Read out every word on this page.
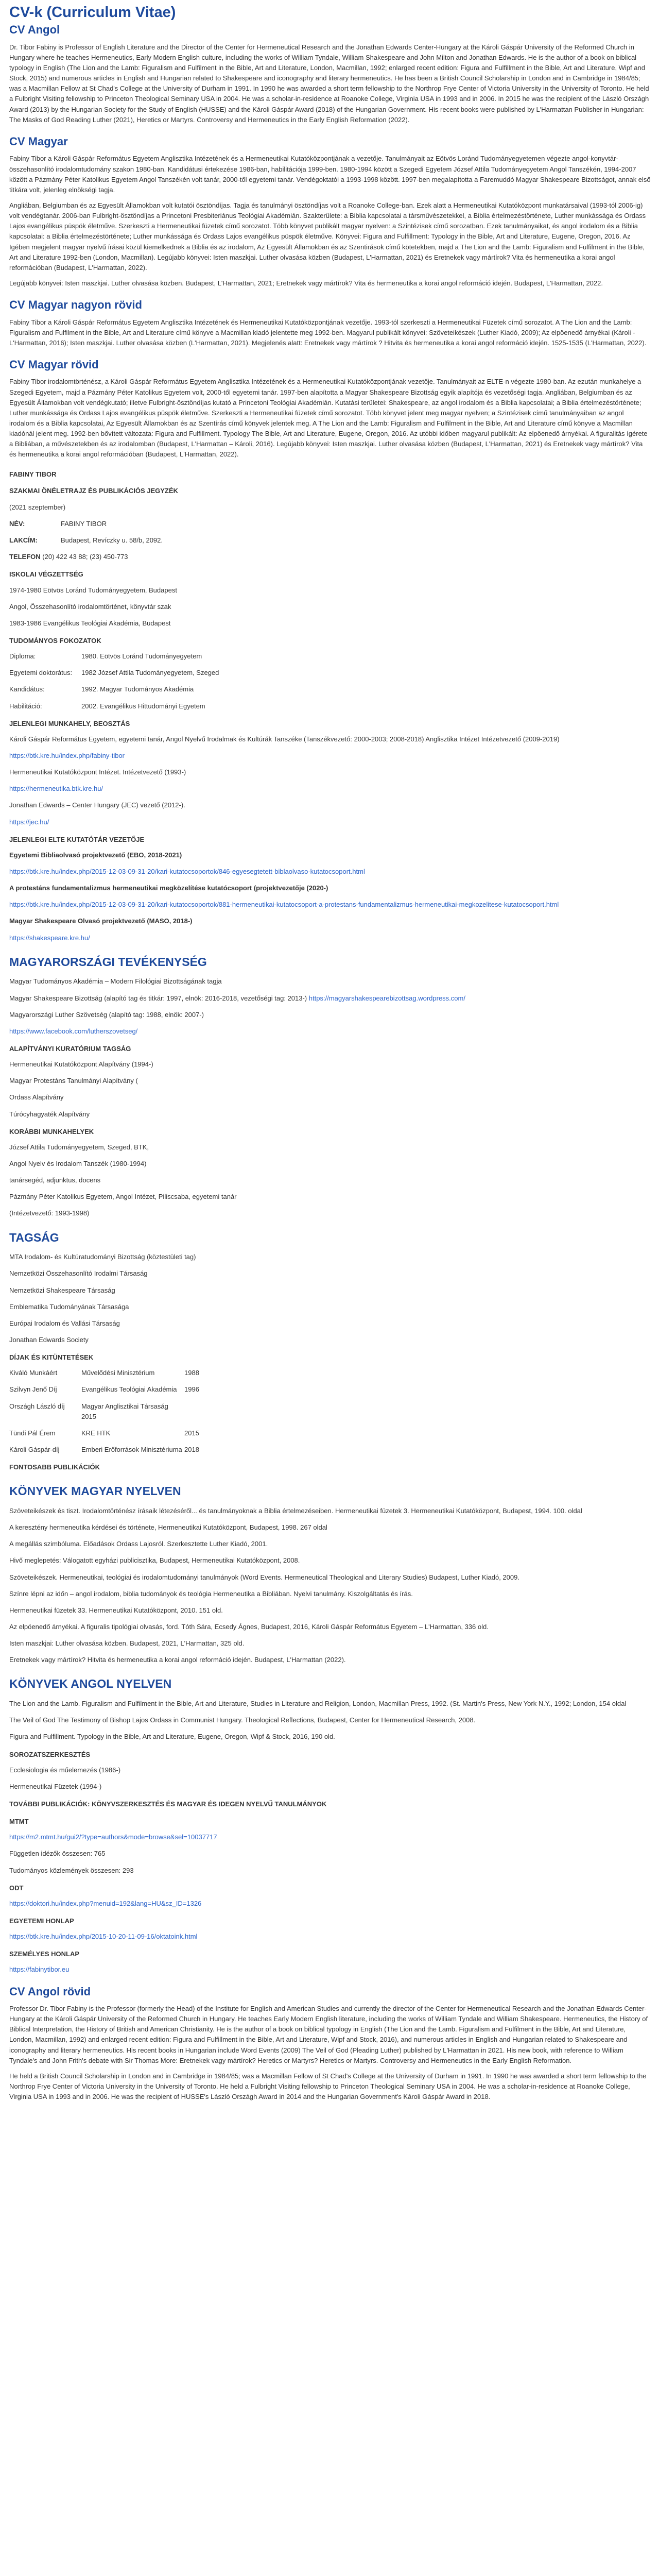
CV-k (Curriculum Vitae)
CV Angol

Dr. Tibor Fabiny is Professor of English Literature and the Director of the Center for Hermeneutical Research and the Jonathan Edwards Center-Hungary at the Károli Gáspár University of the Reformed Church in Hungary where he teaches Hermeneutics, Early Modern English culture, including the works of William Tyndale, William Shakespeare and John Milton and Jonathan Edwards. He is the author of a book on biblical typology in English (The Lion and the Lamb: Figuralism and Fulfilment in the Bible, Art and Literature, London, Macmillan, 1992; enlarged recent edition: Figura and Fulfillment in the Bible, Art and Literature, Wipf and Stock, 2015) and numerous articles in English and Hungarian related to Shakespeare and iconography and literary hermeneutics. He has been a British Council Scholarship in London and in Cambridge in 1984/85; was a Macmillan Fellow at St Chad's College at the University of Durham in 1991. In 1990 he was awarded a short term fellowship to the Northrop Frye Center of Victoria University in the University of Toronto. He held a Fulbright Visiting fellowship to Princeton Theological Seminary USA in 2004. He was a scholar-in-residence at Roanoke College, Virginia USA in 1993 and in 2006. In 2015 he was the recipient of the László Országh Award (2013) by the Hungarian Society for the Study of English (HUSSE) and the Károli Gáspár Award (2018) of the Hungarian Government. His recent books were published by L'Harmattan Publisher in Hungarian: The Masks of God Reading Luther (2021), Heretics or Martyrs. Controversy and Hermeneutics in the Early English Reformation (2022).

CV Magyar

Fabiny Tibor a Károli Gáspár Református Egyetem Anglisztika Intézetének és a Hermeneutikai Kutatóközpontjának a vezetője. Tanulmányait az Eötvös Loránd Tudományegyetemen végezte angol-konyvtár-összehasonlító irodalomtudomány szakon 1980-ban. Kandidátusi értekezése 1986-ban, habilitációja 1999-ben. 1980-1994 között a Szegedi Egyetem József Attila Tudományegyetem Angol Tanszékén, 1994-2007 között a Pázmány Péter Katolikus Egyetem Angol Tanszékén volt tanár, 2000-től egyetemi tanár. Vendégoktatói a 1993-1998 között. 1997-ben megalapította a Faremuddó Magyar Shakespeare Bizottságot, annak első titkára volt, jelenleg elnökségi tagja.

Angliában, Belgiumban és az Egyesült Államokban volt kutatói ösztöndíjas. Tagja és tanulmányi ösztöndíjas volt a Roanoke College-ban. Ezek alatt a Hermeneutikai Kutatóközpont munkatársaival (1993-tól 2006-ig) volt vendégtanár. 2006-ban Fulbright-ösztöndíjas a Princetoni Presbiteriánus Teológiai Akadémián. Szakterülete: a Biblia kapcsolatai a társművészetekkel, a Biblia értelmezéstörténete, Luther munkássága és Ordass Lajos evangélikus püspök életműve. Szerkeszti a Hermeneutikai füzetek című sorozatot. Több könyvet publikált magyar nyelven: a Szintézisek című sorozatban. Ezek tanulmányaikat, és angol irodalom és a Biblia kapcsolatai: a Biblia értelmezéstörténete; Luther munkássága és Ordass Lajos evangélikus püspök életműve. Könyvei: Figura and Fulfillment: Typology in the Bible, Art and Literature, Eugene, Oregon, 2016. Az Igében megjelent magyar nyelvű írásai közül kiemelkednek a Biblia és az irodalom, Az Egyesült Államokban és az Szentirások című kötetekben, majd a The Lion and the Lamb: Figuralism and Fulfilment in the Bible, Art and Literature 1992-ben (London, Macmillan). Legújabb könyvei: Isten maszkjai. Luther olvasása közben (Budapest, L'Harmattan, 2021) és Eretnekek vagy mártírok? Vita és hermeneutika a korai angol reformációban (Budapest, L'Harmattan, 2022).

Legújabb könyvei: Isten maszkjai. Luther olvasása közben. Budapest, L'Harmattan, 2021; Eretnekek vagy mártírok? Vita és hermeneutika a korai angol reformáció idején. Budapest, L'Harmattan, 2022.

CV Magyar nagyon rövid

Fabiny Tibor a Károli Gáspár Református Egyetem Anglisztika Intézetének és Hermeneutikai Kutatóközpontjának vezetője. 1993-tól szerkeszti a Hermeneutikai Füzetek című sorozatot. A The Lion and the Lamb: Figuralism and Fulfilment in the Bible, Art and Literature című könyve a Macmillan kiadó jelentette meg 1992-ben. Magyarul publikált könyvei: Szöveteikészek (Luther Kiadó, 2009); Az elpöenedő árnyékai (Károli - L'Harmattan, 2016); Isten maszkjai. Luther olvasása közben (L'Harmattan, 2021). Megjelenés alatt: Eretnekek vagy mártírok ? Hitvita és hermeneutika a korai angol reformáció idején. 1525-1535 (L'Harmattan, 2022).

CV Magyar rövid

Fabiny Tibor irodalomtörténész, a Károli Gáspár Református Egyetem Anglisztika Intézetének és a Hermeneutikai Kutatóközpontjának vezetője. Tanulmányait az ELTE-n végezte 1980-ban. Az ezután munkahelye a Szegedi Egyetem, majd a Pázmány Péter Katolikus Egyetem volt, 2000-től egyetemi tanár. 1997-ben alapította a Magyar Shakespeare Bizottság egyik alapítója és vezetőségi tagja. Angliában, Belgiumban és az Egyesült Államokban volt vendégkutató; illetve Fulbright-ösztöndíjas kutató a Princetoni Teológiai Akadémián. Kutatási területei: Shakespeare, az angol irodalom és a Biblia kapcsolatai; a Biblia értelmezéstörténete; Luther munkássága és Ordass Lajos evangélikus püspök életműve. Szerkeszti a Hermeneutikai füzetek című sorozatot. Több könyvet jelent meg magyar nyelven; a Szintézisek című tanulmányaiban az angol irodalom és a Biblia kapcsolatai, Az Egyesült Államokban és az Szentírás című könyvek jelentek meg. A The Lion and the Lamb: Figuralism and Fulfilment in the Bible, Art and Literature című könyve a Macmillan kiadónál jelent meg. 1992-ben bővített változata: Figura and Fulfillment. Typology The Bible, Art and Literature, Eugene, Oregon, 2016. Az utóbbi időben magyarul publikált: Az elpöenedő árnyékai. A figuralitás ígérete a Bibliában, a művészetekben és az irodalomban (Budapest, L'Harmattan – Károli, 2016). Legújabb könyvei: Isten maszkjai. Luther olvasása közben (Budapest, L'Harmattan, 2021) és Eretnekek vagy mártírok? Vita és hermeneutika a korai angol reformációban (Budapest, L'Harmattan, 2022).

FABINY TIBOR
SZAKMAI ÖNÉLETRAJZ ÉS PUBLIKÁCIÓS JEGYZÉK
(2021 szeptember)
NÉV:	FABINY TIBOR
LAKCÍM:	Budapest, Revíczky u. 58/b, 2092.
TELEFON (20) 422 43 88; (23) 450-773
ISKOLAI VÉGZETTSÉG
1974-1980 Eötvös Loránd Tudományegyetem, Budapest
Angol, Összehasonlító irodalomtörténet, könyvtár szak
1983-1986 Evangélikus Teológiai Akadémia, Budapest
TUDOMÁNYOS FOKOZATOK
Diploma:	1980. Eötvös Loránd Tudományegyetem
Egyetemi doktorátus:	1982 József Attila Tudományegyetem, Szeged
Kandidátus:	1992. Magyar Tudományos Akadémia
Habilitáció:	2002. Evangélikus Hittudományi Egyetem
JELENLEGI MUNKAHELY, BEOSZTÁS
Károli Gáspár Református Egyetem, egyetemi tanár, Angol Nyelvű Irodalmak és Kultúrák Tanszéke (Tanszékvezető: 2000-2003; 2008-2018) Anglisztika Intézet Intézetvezető (2009-2019)
https://btk.kre.hu/index.php/fabiny-tibor
Hermeneutikai Kutatóközpont Intézet. Intézetvezető (1993-)
https://hermeneutika.btk.kre.hu/
Jonathan Edwards – Center Hungary (JEC) vezető (2012-).
https://jec.hu/
JELENLEGI ELTE KUTATÓTÁR VEZETŐJE
Egyetemi Bibliaolvasó projektvezető (EBO, 2018-2021)
https://btk.kre.hu/index.php/2015-12-03-09-31-20/kari-kutatocsoportok/846-egyesegtetett-biblaolvaso-kutatocsoport.html
A protestáns fundamentalizmus hermeneutikai megközelítése kutatócsoport (projektvezetője (2020-)
https://btk.kre.hu/index.php/2015-12-03-09-31-20/kari-kutatocsoportok/881-hermeneutikai-kutatocsoport-a-protestans-fundamentalizmus-hermeneutikai-megkozelitese-kutatocsoport.html
Magyar Shakespeare Olvasó projektvezető (MASO, 2018-)
https://shakespeare.kre.hu/
MAGYARORSZÁGI TEVÉKENYSÉG
Magyar Tudományos Akadémia – Modern Filológiai Bizottságának tagja
Magyar Shakespeare Bizottság (alapító tag és titkár: 1997, elnök: 2016-2018, vezetőségi tag: 2013-) https://magyarshakespearebizottsag.wordpress.com/
Magyarországi Luther Szövetség (alapító tag: 1988, elnök: 2007-)
https://www.facebook.com/lutherszovetseg/
ALAPÍTVÁNYI KURATÓRIUM TAGSÁG
Hermeneutikai Kutatóközpont Alapítvány (1994-)
Magyar Protestáns Tanulmányi Alapítvány (
Ordass Alapítvány
Túrócyhagyaték Alapítvány
KORÁBBI MUNKAHELYEK
József Attila Tudományegyetem, Szeged, BTK,
Angol Nyelv és Irodalom Tanszék (1980-1994)
tanársegéd, adjunktus, docens
Pázmány Péter Katolikus Egyetem, Angol Intézet, Piliscsaba, egyetemi tanár
(Intézetvezető: 1993-1998)
TAGSÁG
MTA Irodalom- és Kultúratudományi Bizottság (köztestületi tag)
Nemzetközi Összehasonlító Irodalmi Társaság
Nemzetközi Shakespeare Társaság
Emblematika Tudományának Társasága
Európai Irodalom és Vallási Társaság
Jonathan Edwards Society
DÍJAK ÉS KITÜNTETÉSEK
Kiváló Munkáért	Művelődési Minisztérium	1988
Szilvyn Jenő Díj	Evangélikus Teológiai Akadémia	1996
Országh László díj	Magyar Anglisztikai Társaság 2015
Tündi Pál Érem	KRE HTK	2015
Károli Gáspár-díj	Emberi Erőforrások Minisztériuma 2018
FONTOSABB PUBLIKÁCIÓK
KÖNYVEK MAGYAR NYELVEN
Szöveteikészek és tiszt. Irodalomtörténész írásaik létezéséről... és tanulmányoknak a Biblia értelmezéseiben. Hermeneutikai füzetek 3. Hermeneutikai Kutatóközpont, Budapest, 1994. 100. oldal
A keresztény hermeneutika kérdései és története, Hermeneutikai Kutatóközpont, Budapest, 1998. 267 oldal
A megállás szimbóluma. Előadások Ordass Lajosról. Szerkesztette Luther Kiadó, 2001.
Hivő meglepetés: Válogatott egyházi publicisztika, Budapest, Hermeneutikai Kutatóközpont, 2008.
Szöveteikészek. Hermeneutikai, teológiai és irodalomtudományi tanulmányok (Word Events. Hermeneutical Theological and Literary Studies) Budapest, Luther Kiadó, 2009.
Színre lépni az időn – angol irodalom, biblia tudományok és teológia Hermeneutika a Bibliában. Nyelvi tanulmány. Kiszolgáltatás és írás.
Hermeneutikai füzetek 33. Hermeneutikai Kutatóközpont, 2010. 151 old.
Az elpöenedő árnyékai. A figuralis tipológiai olvasás, ford. Tóth Sára, Ecsedy Ágnes, Budapest, 2016, Károli Gáspár Református Egyetem – L'Harmattan, 336 old.
Isten maszkjai: Luther olvasása közben. Budapest, 2021, L'Harmattan, 325 old.
Eretnekek vagy mártírok? Hitvita és hermeneutika a korai angol reformáció idején. Budapest, L'Harmattan (2022).
KÖNYVEK ANGOL NYELVEN
The Lion and the Lamb. Figuralism and Fulfilment in the Bible, Art and Literature, Studies in Literature and Religion, London, Macmillan Press, 1992. (St. Martin's Press, New York N.Y., 1992; London, 154 oldal
The Veil of God The Testimony of Bishop Lajos Ordass in Communist Hungary. Theological Reflections, Budapest, Center for Hermeneutical Research, 2008.
Figura and Fulfillment. Typology in the Bible, Art and Literature, Eugene, Oregon, Wipf & Stock, 2016, 190 old.
SOROZATSZERKESZTÉS
Ecclesiologia és műelemezés (1986-)
Hermeneutikai Füzetek (1994-)
TOVÁBBI PUBLIKÁCIÓK: KÖNYVSZERKESZTÉS ÉS MAGYAR ÉS IDEGEN NYELVŰ TANULMÁNYOK
MTMT
https://m2.mtmt.hu/gui2/?type=authors&mode=browse&sel=10037717
Független idézők összesen: 765
Tudományos közlemények összesen: 293
ODT
https://doktori.hu/index.php?menuid=192&lang=HU&sz_ID=1326
EGYETEMI HONLAP
https://btk.kre.hu/index.php/2015-10-20-11-09-16/oktatoink.html
SZEMÉLYES HONLAP
https://fabinytibor.eu
CV Angol rövid

Professor Dr. Tibor Fabiny is the Professor (formerly the Head) of the Institute for English and American Studies and currently the director of the Center for Hermeneutical Research and the Jonathan Edwards Center-Hungary at the Károli Gáspár University of the Reformed Church in Hungary. He teaches Early Modern English literature, including the works of William Tyndale and William Shakespeare. Hermeneutics, the History of Biblical Interpretation, the History of British and American Christianity. He is the author of a book on biblical typology in English (The Lion and the Lamb. Figuralism and Fulfilment in the Bible, Art and Literature, London, Macmillan, 1992) and enlarged recent edition: Figura and Fulfillment in the Bible, Art and Literature, Wipf and Stock, 2016), and numerous articles in English and Hungarian related to Shakespeare and iconography and literary hermeneutics. His recent books in Hungarian include Word Events (2009) The Veil of God (Pleading Luther) published by L'Harmattan in 2021. His new book, with reference to William Tyndale's and John Frith's debate with Sir Thomas More: Eretnekek vagy mártírok? Heretics or Martyrs? Heretics or Martyrs. Controversy and Hermeneutics in the Early English Reformation.

He held a British Council Scholarship in London and in Cambridge in 1984/85; was a Macmillan Fellow of St Chad's College at the University of Durham in 1991. In 1990 he was awarded a short term fellowship to the Northrop Frye Center of Victoria University in the University of Toronto. He held a Fulbright Visiting fellowship to Princeton Theological Seminary USA in 2004. He was a scholar-in-residence at Roanoke College, Virginia USA in 1993 and in 2006. He was the recipient of HUSSE's László Országh Award in 2014 and the Hungarian Government's Károli Gáspár Award in 2018.
